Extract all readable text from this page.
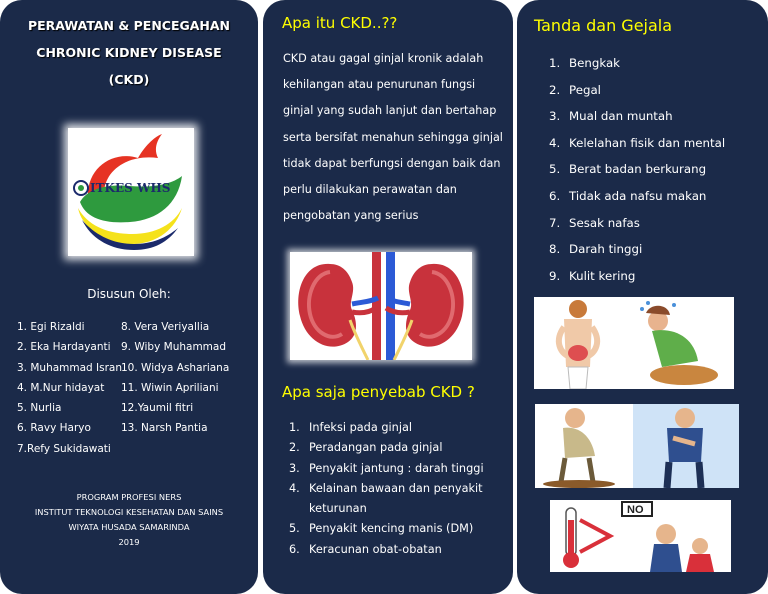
PERAWATAN & PENCEGAHAN
CHRONIC KIDNEY DISEASE
(CKD)
ITKES WHS
Disusun Oleh:
1. Egi Rizaldi
2. Eka Hardayanti
3. Muhammad Isran
4. M.Nur hidayat
5. Nurlia
6. Ravy Haryo
7.Refy Sukidawati
8. Vera Veriyallia
9. Wiby Muhammad
10. Widya Ashariana
11. Wiwin Apriliani
12.Yaumil fitri
13. Narsh Pantia
PROGRAM PROFESI NERS
INSTITUT TEKNOLOGI KESEHATAN DAN SAINS
WIYATA HUSADA SAMARINDA
2019
Apa itu CKD..??
CKD atau gagal ginjal kronik adalah kehilangan atau penurunan fungsi ginjal yang sudah lanjut dan bertahap serta bersifat menahun sehingga ginjal tidak dapat berfungsi dengan baik dan perlu dilakukan perawatan dan pengobatan yang serius
Apa saja penyebab CKD ?
1. Infeksi pada ginjal
2. Peradangan pada ginjal
3. Penyakit jantung : darah tinggi
4. Kelainan bawaan dan penyakit keturunan
5. Penyakit kencing manis (DM)
6. Keracunan obat-obatan
Tanda dan Gejala
1. Bengkak
2. Pegal
3. Mual dan muntah
4. Kelelahan fisik dan mental
5. Berat badan berkurang
6. Tidak ada nafsu makan
7. Sesak nafas
8. Darah tinggi
9. Kulit kering
NO
